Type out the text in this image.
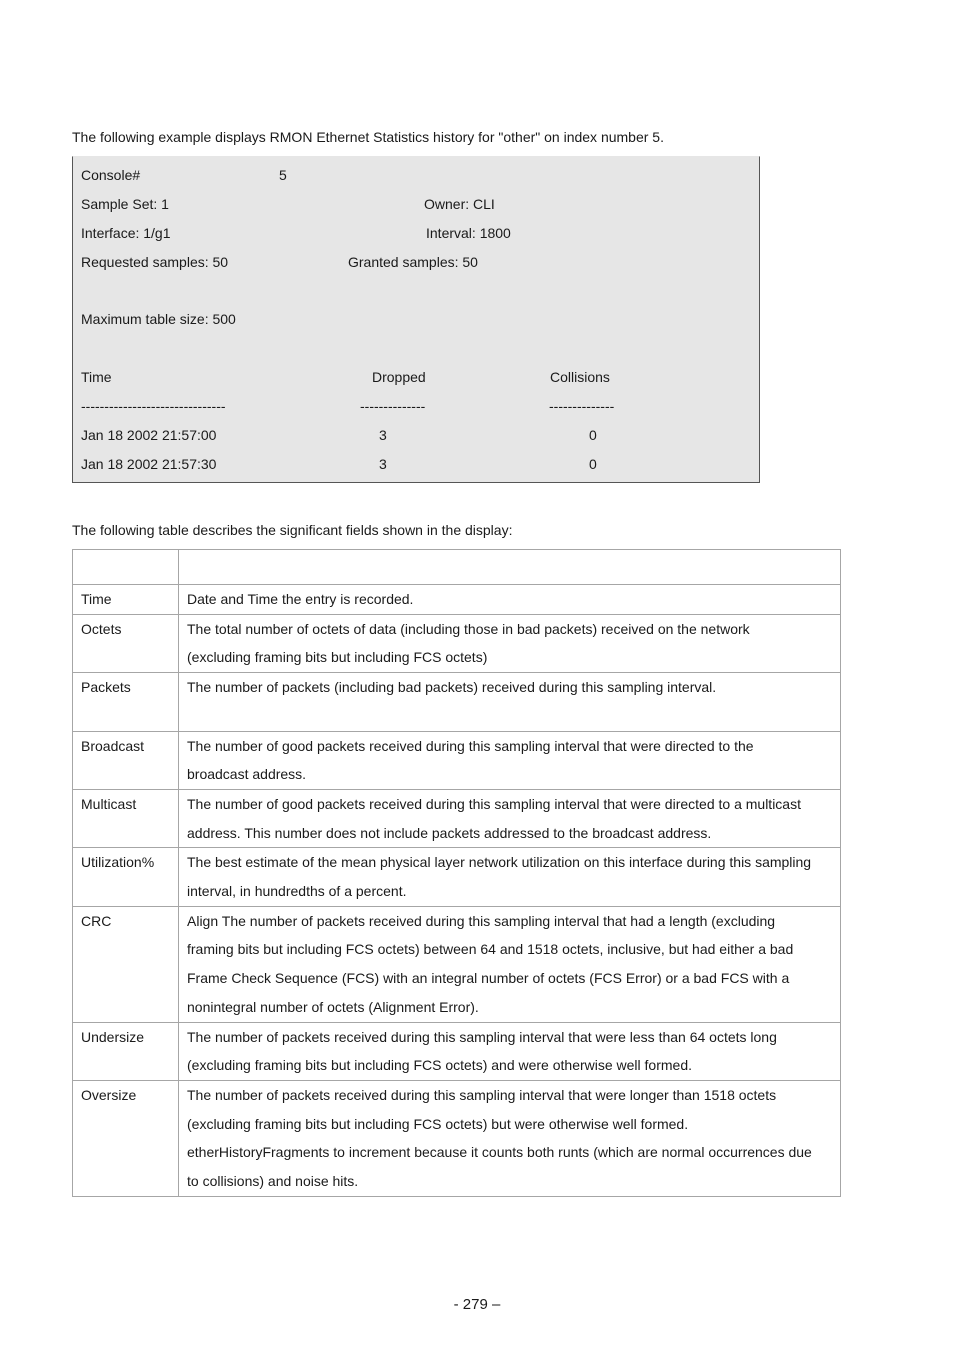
The following example displays RMON Ethernet Statistics history for "other" on index number 5.
Console#	5
Sample Set: 1	Owner: CLI
Interface: 1/g1	Interval: 1800
Requested samples: 50	Granted samples: 50
Maximum table size: 500
Time	Dropped	Collisions
-------------------------------	--------------	--------------
Jan 18 2002 21:57:00	3	0
Jan 18 2002 21:57:30	3	0
The following table describes the significant fields shown in the display:

Time	Date and Time the entry is recorded.

Octets	The total number of octets of data (including those in bad packets) received on the network
(excluding framing bits but including FCS octets)

Packets	The number of packets (including bad packets) received during this sampling interval.

Broadcast	The number of good packets received during this sampling interval that were directed to the
broadcast address.

Multicast	The number of good packets received during this sampling interval that were directed to a multicast
address. This number does not include packets addressed to the broadcast address.

Utilization%	The best estimate of the mean physical layer network utilization on this interface during this sampling
interval, in hundredths of a percent.

CRC	Align The number of packets received during this sampling interval that had a length (excluding
framing bits but including FCS octets) between 64 and 1518 octets, inclusive, but had either a bad
Frame Check Sequence (FCS) with an integral number of octets (FCS Error) or a bad FCS with a
nonintegral number of octets (Alignment Error).

Undersize	The number of packets received during this sampling interval that were less than 64 octets long
(excluding framing bits but including FCS octets) and were otherwise well formed.

Oversize	The number of packets received during this sampling interval that were longer than 1518 octets
(excluding framing bits but including FCS octets) but were otherwise well formed.
etherHistoryFragments to increment because it counts both runts (which are normal occurrences due
to collisions) and noise hits.
- 279 –
